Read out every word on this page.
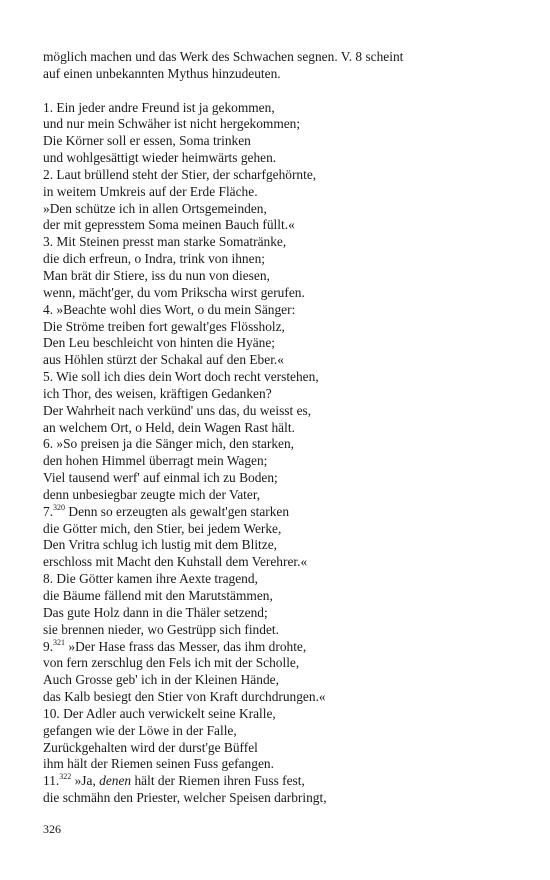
möglich machen und das Werk des Schwachen segnen. V. 8 scheint
auf einen unbekannten Mythus hinzudeuten.
1. Ein jeder andre Freund ist ja gekommen,
und nur mein Schwäher ist nicht hergekommen;
Die Körner soll er essen, Soma trinken
und wohlgesättigt wieder heimwärts gehen.
2. Laut brüllend steht der Stier, der scharfgehörnte,
in weitem Umkreis auf der Erde Fläche.
»Den schütze ich in allen Ortsgemeinden,
der mit gepresstem Soma meinen Bauch füllt.«
3. Mit Steinen presst man starke Somatränke,
die dich erfreun, o Indra, trink von ihnen;
Man brät dir Stiere, iss du nun von diesen,
wenn, mächt'ger, du vom Prikscha wirst gerufen.
4. »Beachte wohl dies Wort, o du mein Sänger:
Die Ströme treiben fort gewalt'ges Flössholz,
Den Leu beschleicht von hinten die Hyäne;
aus Höhlen stürzt der Schakal auf den Eber.«
5. Wie soll ich dies dein Wort doch recht verstehen,
ich Thor, des weisen, kräftigen Gedanken?
Der Wahrheit nach verkünd' uns das, du weisst es,
an welchem Ort, o Held, dein Wagen Rast hält.
6. »So preisen ja die Sänger mich, den starken,
den hohen Himmel überragt mein Wagen;
Viel tausend werf' auf einmal ich zu Boden;
denn unbesiegbar zeugte mich der Vater,
7.$^{320}$ Denn so erzeugten als gewalt'gen starken
die Götter mich, den Stier, bei jedem Werke,
Den Vritra schlug ich lustig mit dem Blitze,
erschloss mit Macht den Kuhstall dem Verehrer.«
8. Die Götter kamen ihre Aexte tragend,
die Bäume fällend mit den Marutstämmen,
Das gute Holz dann in die Thäler setzend;
sie brennen nieder, wo Gestrüpp sich findet.
9.$^{321}$ »Der Hase frass das Messer, das ihm drohte,
von fern zerschlug den Fels ich mit der Scholle,
Auch Grosse geb' ich in der Kleinen Hände,
das Kalb besiegt den Stier von Kraft durchdrungen.«
10. Der Adler auch verwickelt seine Kralle,
gefangen wie der Löwe in der Falle,
Zurückgehalten wird der durst'ge Büffel
ihm hält der Riemen seinen Fuss gefangen.
11.$^{322}$ »Ja, denen hält der Riemen ihren Fuss fest,
die schmähn den Priester, welcher Speisen darbringt,
326
